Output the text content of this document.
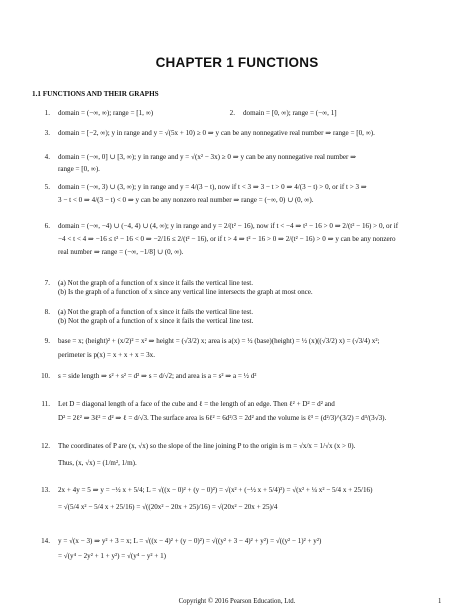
CHAPTER 1 FUNCTIONS
1.1 FUNCTIONS AND THEIR GRAPHS
1. domain = (−∞, ∞); range = [1, ∞)	2. domain = [0, ∞); range = (−∞, 1]
3. domain = [−2, ∞); y in range and y = √(5x + 10) ≥ 0 ⇒ y can be any nonnegative real number ⇒ range = [0, ∞).
4. domain = (−∞, 0] ∪ [3, ∞); y in range and y = √(x² − 3x) ≥ 0 ⇒ y can be any nonnegative real number ⇒
range = [0, ∞).
5. domain = (−∞, 3) ∪ (3, ∞); y in range and y = 4/(3 − t), now if t < 3 ⇒ 3 − t > 0 ⇒ 4/(3 − t) > 0, or if t > 3 ⇒
3 − t < 0 ⇒ 4/(3 − t) < 0 ⇒ y can be any nonzero real number ⇒ range = (−∞, 0) ∪ (0, ∞).
6. domain = (−∞, −4) ∪ (−4, 4) ∪ (4, ∞); y in range and y = 2/(t² − 16), now if t < −4 ⇒ t² − 16 > 0 ⇒ 2/(t² − 16) > 0, or if
−4 < t < 4 ⇒ −16 ≤ t² − 16 < 0 ⇒ −2/16 ≤ 2/(t² − 16), or if t > 4 ⇒ t² − 16 > 0 ⇒ 2/(t² − 16) > 0 ⇒ y can be any nonzero
real number ⇒ range = (−∞, −1/8] ∪ (0, ∞).
7. (a) Not the graph of a function of x since it fails the vertical line test.
(b) Is the graph of a function of x since any vertical line intersects the graph at most once.
8. (a) Not the graph of a function of x since it fails the vertical line test.
(b) Not the graph of a function of x since it fails the vertical line test.
9. base = x; (height)² + (x/2)² = x² ⇒ height = (√3/2) x; area is a(x) = ½ (base)(height) = ½ (x)((√3/2) x) = (√3/4) x²;
perimeter is p(x) = x + x + x = 3x.
10. s = side length ⇒ s² + s² = d² ⇒ s = d/√2; and area is a = s² ⇒ a = ½ d²
11. Let D = diagonal length of a face of the cube and ℓ = the length of an edge. Then ℓ² + D² = d² and
D² = 2ℓ² ⇒ 3ℓ² = d² ⇒ ℓ = d/√3. The surface area is 6ℓ² = 6d²/3 = 2d² and the volume is ℓ³ = (d²/3)^(3/2) = d³/(3√3).
12. The coordinates of P are (x, √x) so the slope of the line joining P to the origin is m = √x/x = 1/√x (x > 0).
Thus, (x, √x) = (1/m², 1/m).
13. 2x + 4y = 5 ⇒ y = −½ x + 5/4; L = √((x − 0)² + (y − 0)²) = √(x² + (−½ x + 5/4)²) = √(x² + ¼ x² − 5/4 x + 25/16)
= √(5/4 x² − 5/4 x + 25/16) = √((20x² − 20x + 25)/16) = √(20x² − 20x + 25)/4
14. y = √(x − 3) ⇒ y² + 3 = x; L = √((x − 4)² + (y − 0)²) = √((y² + 3 − 4)² + y²) = √((y² − 1)² + y²)
= √(y⁴ − 2y² + 1 + y²) = √(y⁴ − y² + 1)
Copyright © 2016 Pearson Education, Ltd.	1
